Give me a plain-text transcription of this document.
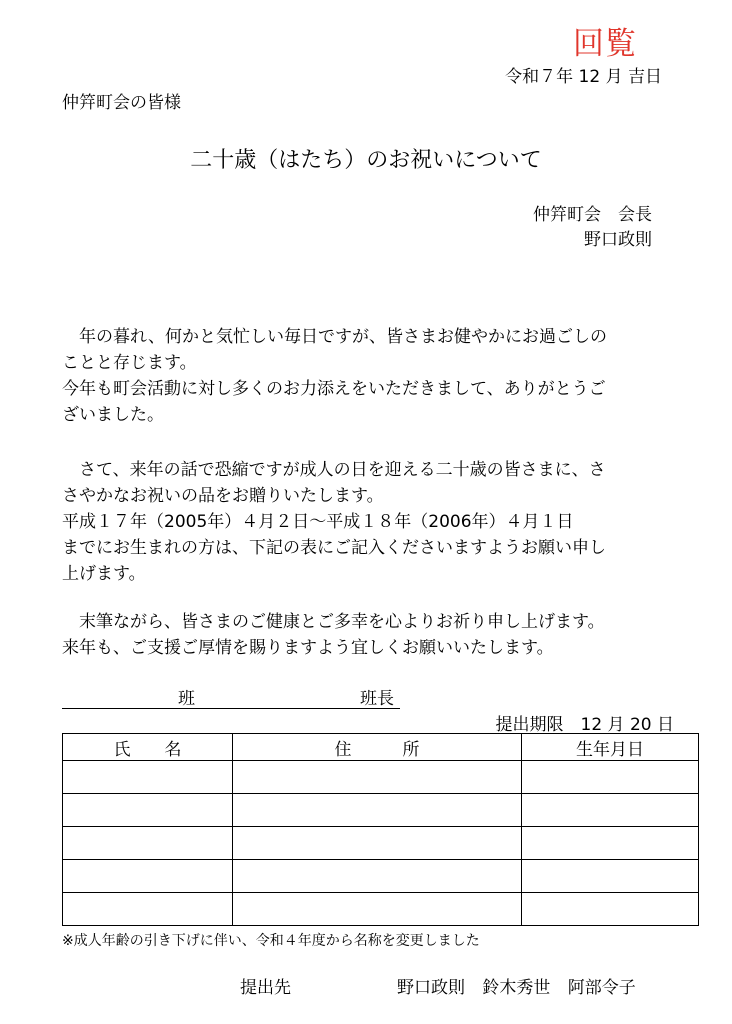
回覧
令和７年 12 月 吉日
仲筓町会の皆様
二十歳（はたち）のお祝いについて
仲筓町会　会長
野口政則
　年の暮れ、何かと気忙しい毎日ですが、皆さまお健やかにお過ごしの
ことと存じます。
今年も町会活動に対し多くのお力添えをいただきまして、ありがとうご
ざいました。
　さて、来年の話で恐縮ですが成人の日を迎える二十歳の皆さまに、さ
さやかなお祝いの品をお贈りいたします。
平成１７年（2005年）４月２日～平成１８年（2006年）４月１日
までにお生まれの方は、下記の表にご記入くださいますようお願い申し
上げます。
　末筆ながら、皆さまのご健康とご多幸を心よりお祈り申し上げます。
来年も、ご支援ご厚情を賜りますよう宜しくお願いいたします。
班	班長
提出期限　12 月 20 日
氏　　名	住　　　所	生年月日

※成人年齢の引き下げに伴い、令和４年度から名称を変更しました
提出先	野口政則 鈴木秀世 阿部令子
